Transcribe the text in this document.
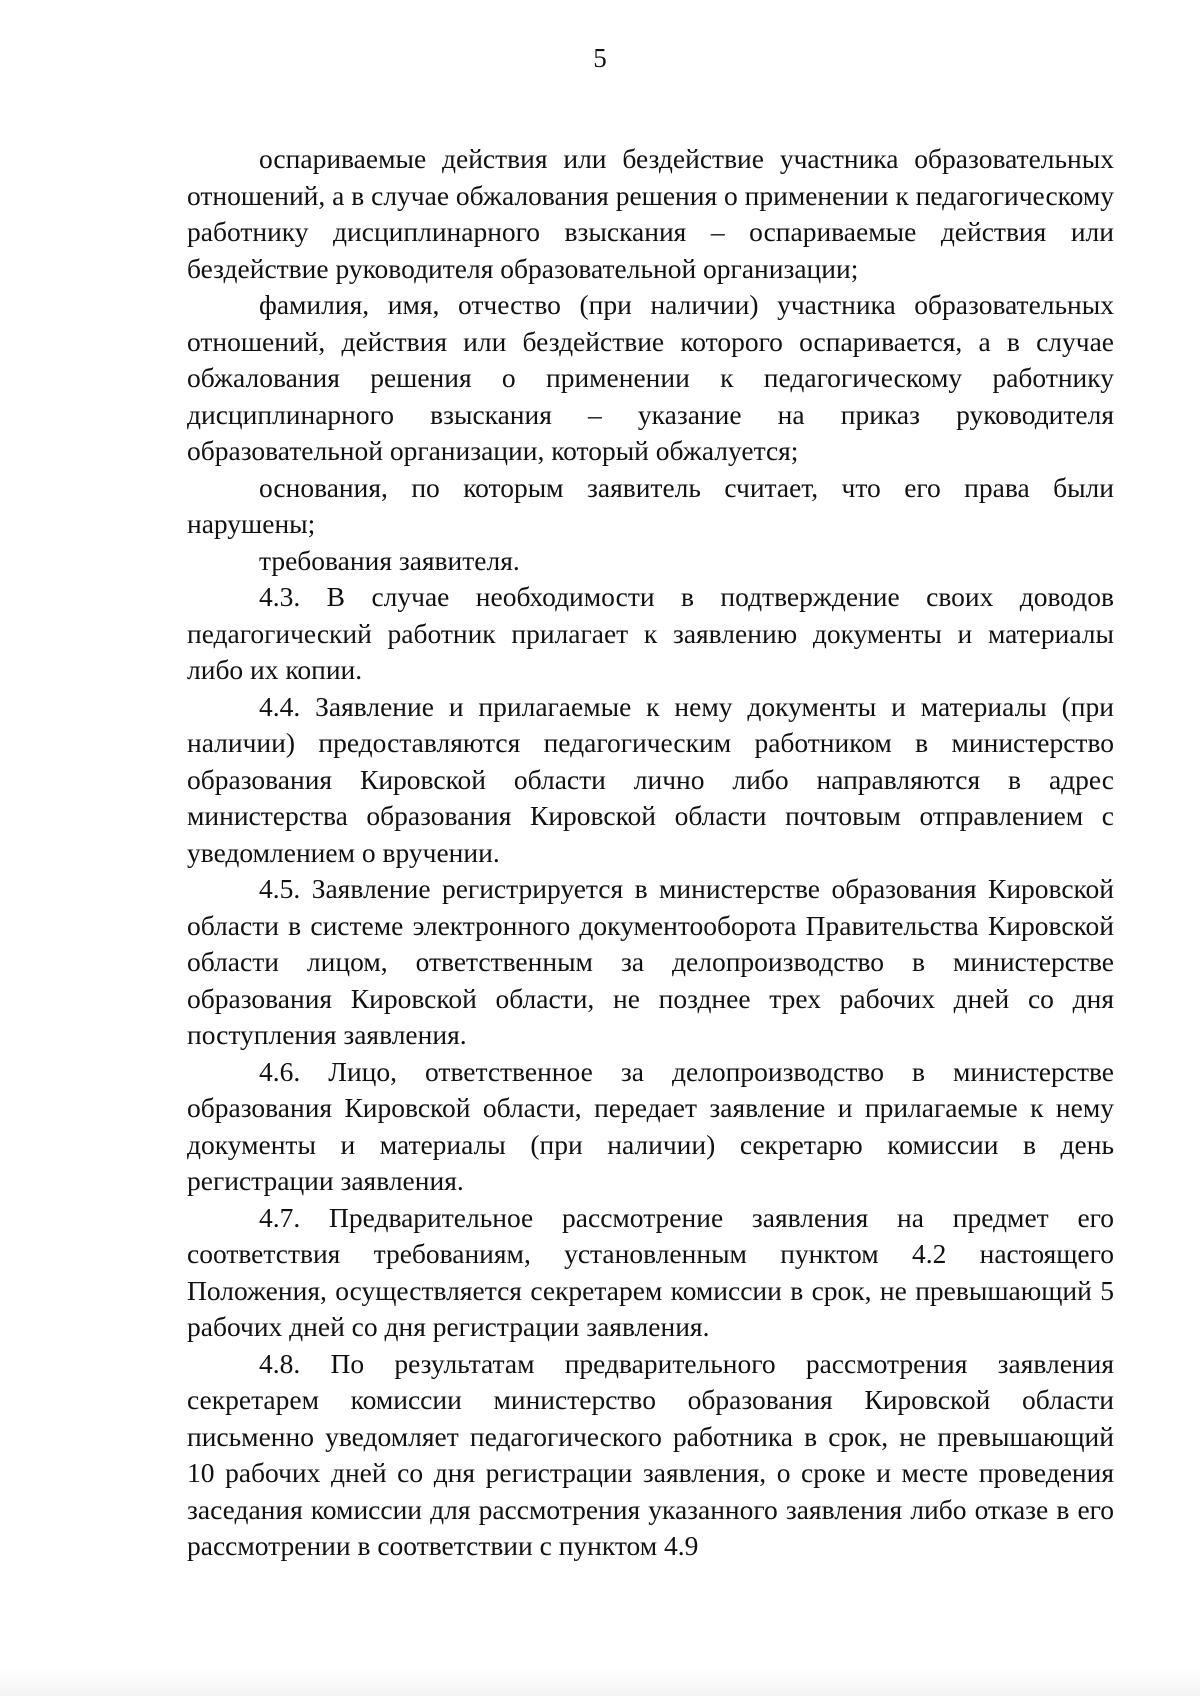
5

оспариваемые действия или бездействие участника образовательных отношений, а в случае обжалования решения о применении к педагогическому работнику дисциплинарного взыскания – оспариваемые действия или бездействие руководителя образовательной организации;

фамилия, имя, отчество (при наличии) участника образовательных отношений, действия или бездействие которого оспаривается, а в случае обжалования решения о применении к педагогическому работнику дисциплинарного взыскания – указание на приказ руководителя образовательной организации, который обжалуется;

основания, по которым заявитель считает, что его права были нарушены;

требования заявителя.

4.3. В случае необходимости в подтверждение своих доводов педагогический работник прилагает к заявлению документы и материалы либо их копии.

4.4. Заявление и прилагаемые к нему документы и материалы (при наличии) предоставляются педагогическим работником в министерство образования Кировской области лично либо направляются в адрес министерства образования Кировской области почтовым отправлением с уведомлением о вручении.

4.5. Заявление регистрируется в министерстве образования Кировской области в системе электронного документооборота Правительства Кировской области лицом, ответственным за делопроизводство в министерстве образования Кировской области, не позднее трех рабочих дней со дня поступления заявления.

4.6. Лицо, ответственное за делопроизводство в министерстве образования Кировской области, передает заявление и прилагаемые к нему документы и материалы (при наличии) секретарю комиссии в день регистрации заявления.

4.7. Предварительное рассмотрение заявления на предмет его соответствия требованиям, установленным пунктом 4.2 настоящего Положения, осуществляется секретарем комиссии в срок, не превышающий 5 рабочих дней со дня регистрации заявления.

4.8. По результатам предварительного рассмотрения заявления секретарем комиссии министерство образования Кировской области письменно уведомляет педагогического работника в срок, не превышающий 10 рабочих дней со дня регистрации заявления, о сроке и месте проведения заседания комиссии для рассмотрения указанного заявления либо отказе в его рассмотрении в соответствии с пунктом 4.9
